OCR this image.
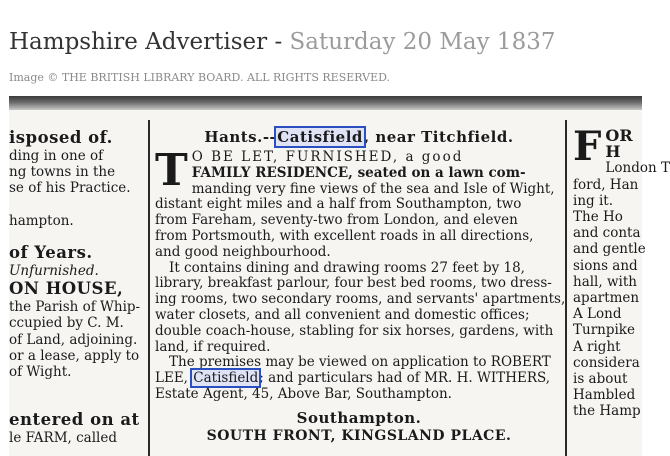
Hampshire Advertiser - Saturday 20 May 1837
Image © THE BRITISH LIBRARY BOARD. ALL RIGHTS RESERVED.
isposed of.
ding in one of
ng towns in the
se of his Practice.

hampton.
of Years.
Unfurnished.
ON HOUSE,
the Parish of Whip-
ccupied by C. M.
of Land, adjoining.
or a lease, apply to
of Wight.

entered on at
le FARM, called
Hants.--Catisfield, near Titchfield.
T O BE LET, FURNISHED, a good
FAMILY RESIDENCE, seated on a lawn com-
manding very fine views of the sea and Isle of Wight,
distant eight miles and a half from Southampton, two
from Fareham, seventy-two from London, and eleven
from Portsmouth, with excellent roads in all directions,
and good neighbourhood.
It contains dining and drawing rooms 27 feet by 18,
library, breakfast parlour, four best bed rooms, two dress-
ing rooms, two secondary rooms, and servants' apartments,
water closets, and all convenient and domestic offices;
double coach-house, stabling for six horses, gardens, with
land, if required.
The premises may be viewed on application to ROBERT
LEE, Catisfield; and particulars had of MR. H. WITHERS,
Estate Agent, 45, Above Bar, Southampton.
Southampton.
SOUTH FRONT, KINGSLAND PLACE.
F OR
H
London T
ford, Han
ing it.
The Ho
and conta
and gentle
sions and
hall, with
apartmen
A Lond
Turnpike
A right
considera
is about
Hambled
the Hamp
